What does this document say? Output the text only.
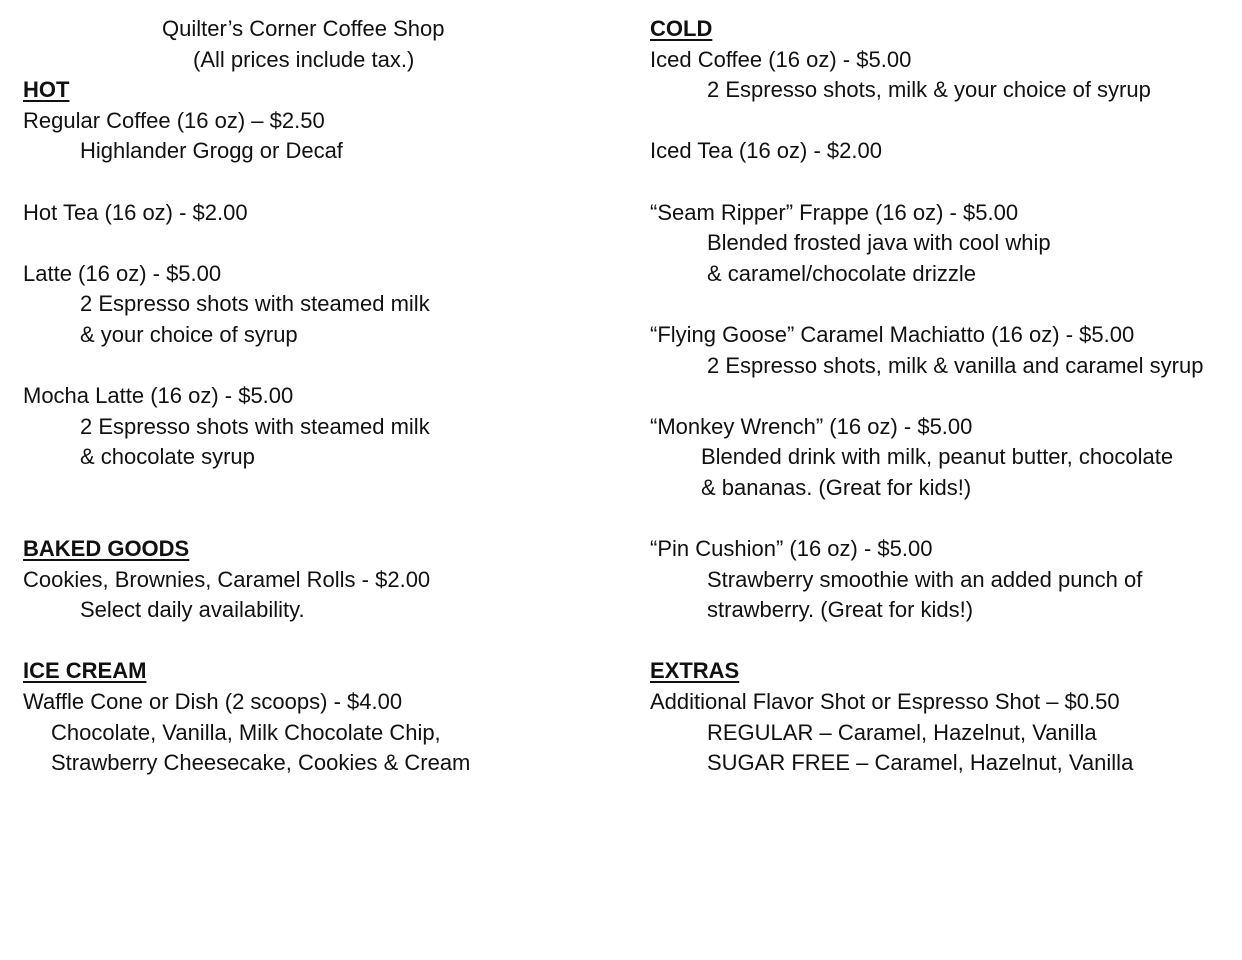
Quilter’s Corner Coffee Shop
(All prices include tax.)
HOT
Regular Coffee (16 oz) – $2.50
Highlander Grogg or Decaf
Hot Tea (16 oz) - $2.00
Latte (16 oz) - $5.00
2 Espresso shots with steamed milk
& your choice of syrup
Mocha Latte (16 oz) - $5.00
2 Espresso shots with steamed milk
& chocolate syrup
BAKED GOODS
Cookies, Brownies, Caramel Rolls - $2.00
Select daily availability.
ICE CREAM
Waffle Cone or Dish (2 scoops) - $4.00
Chocolate, Vanilla, Milk Chocolate Chip,
Strawberry Cheesecake, Cookies & Cream
COLD
Iced Coffee (16 oz) - $5.00
2 Espresso shots, milk & your choice of syrup
Iced Tea (16 oz) - $2.00
“Seam Ripper” Frappe (16 oz) - $5.00
Blended frosted java with cool whip
& caramel/chocolate drizzle
“Flying Goose” Caramel Machiatto (16 oz) - $5.00
2 Espresso shots, milk & vanilla and caramel syrup
“Monkey Wrench” (16 oz) - $5.00
Blended drink with milk, peanut butter, chocolate
& bananas. (Great for kids!)
“Pin Cushion” (16 oz) - $5.00
Strawberry smoothie with an added punch of
strawberry. (Great for kids!)
EXTRAS
Additional Flavor Shot or Espresso Shot – $0.50
REGULAR – Caramel, Hazelnut, Vanilla
SUGAR FREE – Caramel, Hazelnut, Vanilla
